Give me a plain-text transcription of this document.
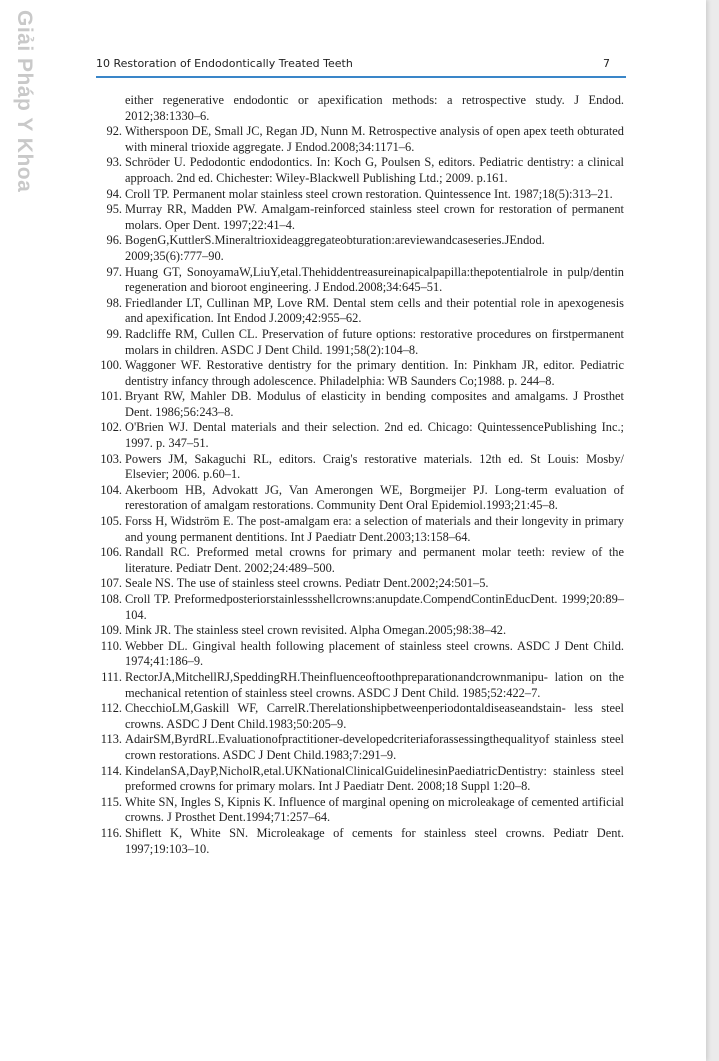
Giải Pháp Y Khoa	10 Restoration of Endodontically Treated Teeth	7
either regenerative endodontic or apexification methods: a retrospective study. J Endod. 2012;38:1330–6.
92. Witherspoon DE, Small JC, Regan JD, Nunn M. Retrospective analysis of open apex teeth obturated with mineral trioxide aggregate. J Endod.2008;34:1171–6.
93. Schröder U. Pedodontic endodontics. In: Koch G, Poulsen S, editors. Pediatric dentistry: a clinical approach. 2nd ed. Chichester: Wiley-Blackwell Publishing Ltd.; 2009. p.161.
94. Croll TP. Permanent molar stainless steel crown restoration. Quintessence Int. 1987;18(5):313–21.
95. Murray RR, Madden PW. Amalgam-reinforced stainless steel crown for restoration of permanent molars. Oper Dent. 1997;22:41–4.
96. BogenG,KuttlerS.Mineraltrioxideaggregateobturation:areviewandcaseseries.JEndod. 2009;35(6):777–90.
97. Huang GT, SonoyamaW,LiuY,etal.Thehiddentreasureinapicalpapilla:thepotentialrole in pulp/dentin regeneration and bioroot engineering. J Endod.2008;34:645–51.
98. Friedlander LT, Cullinan MP, Love RM. Dental stem cells and their potential role in apexogenesis and apexification. Int Endod J.2009;42:955–62.
99. Radcliffe RM, Cullen CL. Preservation of future options: restorative procedures on firstpermanent molars in children. ASDC J Dent Child. 1991;58(2):104–8.
100. Waggoner WF. Restorative dentistry for the primary dentition. In: Pinkham JR, editor. Pediatric dentistry infancy through adolescence. Philadelphia: WB Saunders Co;1988. p. 244–8.
101. Bryant RW, Mahler DB. Modulus of elasticity in bending composites and amalgams. J Prosthet Dent. 1986;56:243–8.
102. O'Brien WJ. Dental materials and their selection. 2nd ed. Chicago: QuintessencePublishing Inc.; 1997. p. 347–51.
103. Powers JM, Sakaguchi RL, editors. Craig's restorative materials. 12th ed. St Louis: Mosby/ Elsevier; 2006. p.60–1.
104. Akerboom HB, Advokatt JG, Van Amerongen WE, Borgmeijer PJ. Long-term evaluation of rerestoration of amalgam restorations. Community Dent Oral Epidemiol.1993;21:45–8.
105. Forss H, Widström E. The post-amalgam era: a selection of materials and their longevity in primary and young permanent dentitions. Int J Paediatr Dent.2003;13:158–64.
106. Randall RC. Preformed metal crowns for primary and permanent molar teeth: review of the literature. Pediatr Dent. 2002;24:489–500.
107. Seale NS. The use of stainless steel crowns. Pediatr Dent.2002;24:501–5.
108. Croll TP. Preformedposteriorstainlessshellcrowns:anupdate.CompendContinEducDent. 1999;20:89–104.
109. Mink JR. The stainless steel crown revisited. Alpha Omegan.2005;98:38–42.
110. Webber DL. Gingival health following placement of stainless steel crowns. ASDC J Dent Child. 1974;41:186–9.
111. RectorJA,MitchellRJ,SpeddingRH.Theinfluenceoftoothpreparationandcrownmanipu- lation on the mechanical retention of stainless steel crowns. ASDC J Dent Child. 1985;52:422–7.
112. ChecchioLM,Gaskill WF, CarrelR.Therelationshipbetweenperiodontaldiseaseandstain- less steel crowns. ASDC J Dent Child.1983;50:205–9.
113. AdairSM,ByrdRL.Evaluationofpractitioner-developedcriteriaforassessingthequalityof stainless steel crown restorations. ASDC J Dent Child.1983;7:291–9.
114. KindelanSA,DayP,NicholR,etal.UKNationalClinicalGuidelinesinPaediatricDentistry: stainless steel preformed crowns for primary molars. Int J Paediatr Dent. 2008;18 Suppl 1:20–8.
115. White SN, Ingles S, Kipnis K. Influence of marginal opening on microleakage of cemented artificial crowns. J Prosthet Dent.1994;71:257–64.
116. Shiflett K, White SN. Microleakage of cements for stainless steel crowns. Pediatr Dent. 1997;19:103–10.
